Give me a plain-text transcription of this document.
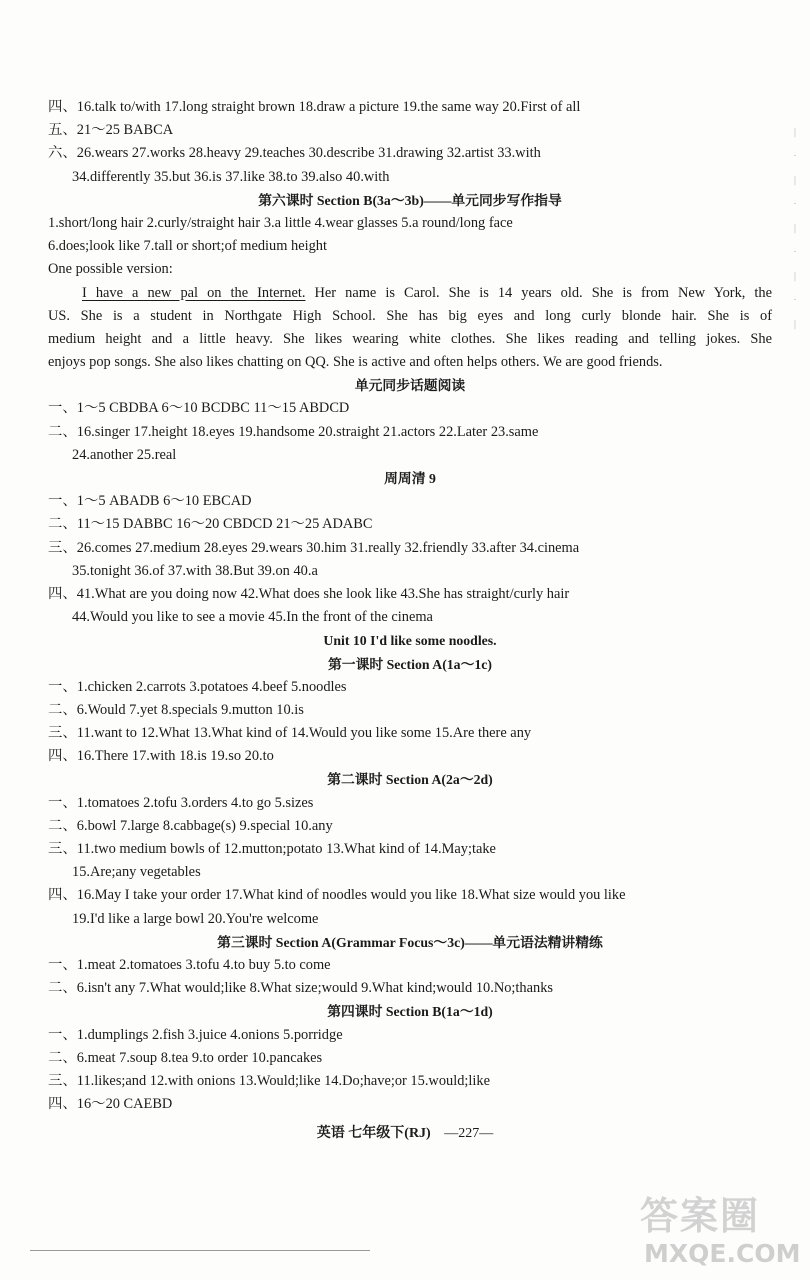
|
·
|
·
|
·
|
·
|
四、16.talk to/with 17.long straight brown 18.draw a picture 19.the same way 20.First of all
五、21～25 BABCA
六、26.wears 27.works 28.heavy 29.teaches 30.describe 31.drawing 32.artist 33.with
34.differently 35.but 36.is 37.like 38.to 39.also 40.with
第六课时 Section B(3a～3b)——单元同步写作指导
1.short/long hair 2.curly/straight hair 3.a little 4.wear glasses 5.a round/long face
6.does;look like 7.tall or short;of medium height
One possible version:
I have a new pal on the Internet. Her name is Carol. She is 14 years old. She is from New York, the
US. She is a student in Northgate High School. She has big eyes and long curly blonde hair. She is of
medium height and a little heavy. She likes wearing white clothes. She likes reading and telling jokes. She
enjoys pop songs. She also likes chatting on QQ. She is active and often helps others. We are good friends.
单元同步话题阅读
一、1～5 CBDBA 6～10 BCDBC 11～15 ABDCD
二、16.singer 17.height 18.eyes 19.handsome 20.straight 21.actors 22.Later 23.same
24.another 25.real
周周清 9
一、1～5 ABADB 6～10 EBCAD
二、11～15 DABBC 16～20 CBDCD 21～25 ADABC
三、26.comes 27.medium 28.eyes 29.wears 30.him 31.really 32.friendly 33.after 34.cinema
35.tonight 36.of 37.with 38.But 39.on 40.a
四、41.What are you doing now 42.What does she look like 43.She has straight/curly hair
44.Would you like to see a movie 45.In the front of the cinema
Unit 10 I'd like some noodles.
第一课时 Section A(1a～1c)
一、1.chicken 2.carrots 3.potatoes 4.beef 5.noodles
二、6.Would 7.yet 8.specials 9.mutton 10.is
三、11.want to 12.What 13.What kind of 14.Would you like some 15.Are there any
四、16.There 17.with 18.is 19.so 20.to
第二课时 Section A(2a～2d)
一、1.tomatoes 2.tofu 3.orders 4.to go 5.sizes
二、6.bowl 7.large 8.cabbage(s) 9.special 10.any
三、11.two medium bowls of 12.mutton;potato 13.What kind of 14.May;take
15.Are;any vegetables
四、16.May I take your order 17.What kind of noodles would you like 18.What size would you like
19.I'd like a large bowl 20.You're welcome
第三课时 Section A(Grammar Focus～3c)——单元语法精讲精练
一、1.meat 2.tomatoes 3.tofu 4.to buy 5.to come
二、6.isn't any 7.What would;like 8.What size;would 9.What kind;would 10.No;thanks
第四课时 Section B(1a～1d)
一、1.dumplings 2.fish 3.juice 4.onions 5.porridge
二、6.meat 7.soup 8.tea 9.to order 10.pancakes
三、11.likes;and 12.with onions 13.Would;like 14.Do;have;or 15.would;like
四、16～20 CAEBD
英语 七年级下(RJ) —227—
答案圈
MXQE.COM
